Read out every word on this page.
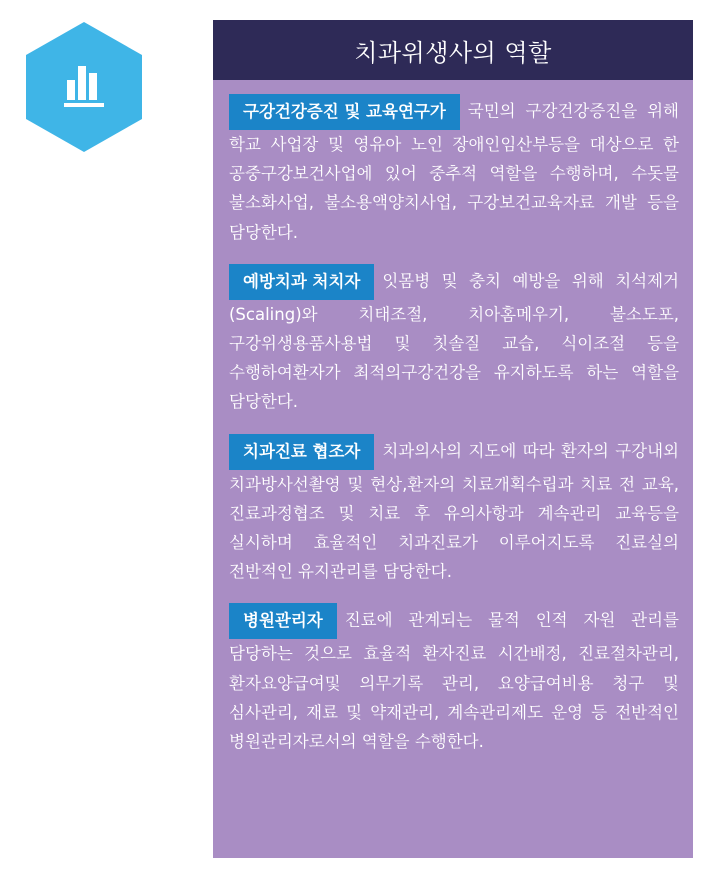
치과위생사의 역할

구강건강증진 및 교육연구가 국민의 구강건강증진을 위해 학교 사업장 및 영유아 노인 장애인임산부등을 대상으로 한 공중구강보건사업에 있어 중추적 역할을 수행하며, 수돗물 불소화사업, 불소용액양치사업, 구강보건교육자료 개발 등을 담당한다.

예방치과 처치자 잇몸병 및 충치 예방을 위해 치석제거(Scaling)와 치태조절, 치아홈메우기, 불소도포, 구강위생용품사용법 및 칫솔질 교습, 식이조절 등을 수행하여환자가 최적의구강건강을 유지하도록 하는 역할을 담당한다.

치과진료 협조자 치과의사의 지도에 따라 환자의 구강내외 치과방사선촬영 및 현상,환자의 치료개획수립과 치료 전 교육, 진료과정협조 및 치료 후 유의사항과 계속관리 교육등을 실시하며 효율적인 치과진료가 이루어지도록 진료실의 전반적인 유지관리를 담당한다.

병원관리자 진료에 관계되는 물적 인적 자원 관리를 담당하는 것으로 효율적 환자진료 시간배정, 진료절차관리, 환자요양급여및 의무기록 관리, 요양급여비용 청구 및 심사관리, 재료 및 약재관리, 계속관리제도 운영 등 전반적인 병원관리자로서의 역할을 수행한다.
